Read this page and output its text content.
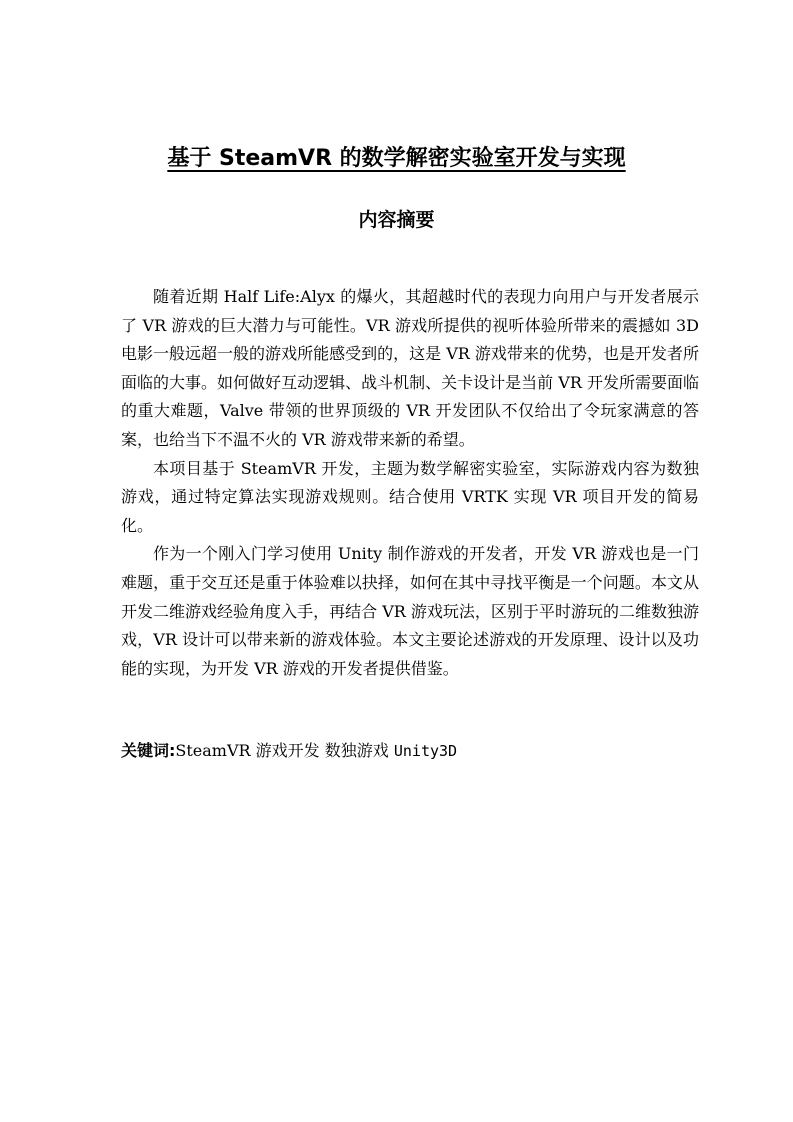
基于 SteamVR 的数学解密实验室开发与实现
内容摘要

随着近期 Half Life:Alyx 的爆火，其超越时代的表现力向用户与开发者展示了 VR 游戏的巨大潜力与可能性。VR 游戏所提供的视听体验所带来的震撼如 3D 电影一般远超一般的游戏所能感受到的，这是 VR 游戏带来的优势，也是开发者所面临的大事。如何做好互动逻辑、战斗机制、关卡设计是当前 VR 开发所需要面临的重大难题，Valve 带领的世界顶级的 VR 开发团队不仅给出了令玩家满意的答案，也给当下不温不火的 VR 游戏带来新的希望。

本项目基于 SteamVR 开发，主题为数学解密实验室，实际游戏内容为数独游戏，通过特定算法实现游戏规则。结合使用 VRTK 实现 VR 项目开发的简易化。

作为一个刚入门学习使用 Unity 制作游戏的开发者，开发 VR 游戏也是一门难题，重于交互还是重于体验难以抉择，如何在其中寻找平衡是一个问题。本文从开发二维游戏经验角度入手，再结合 VR 游戏玩法，区别于平时游玩的二维数独游戏，VR 设计可以带来新的游戏体验。本文主要论述游戏的开发原理、设计以及功能的实现，为开发 VR 游戏的开发者提供借鉴。

关键词:SteamVR 游戏开发 数独游戏 Unity3D
